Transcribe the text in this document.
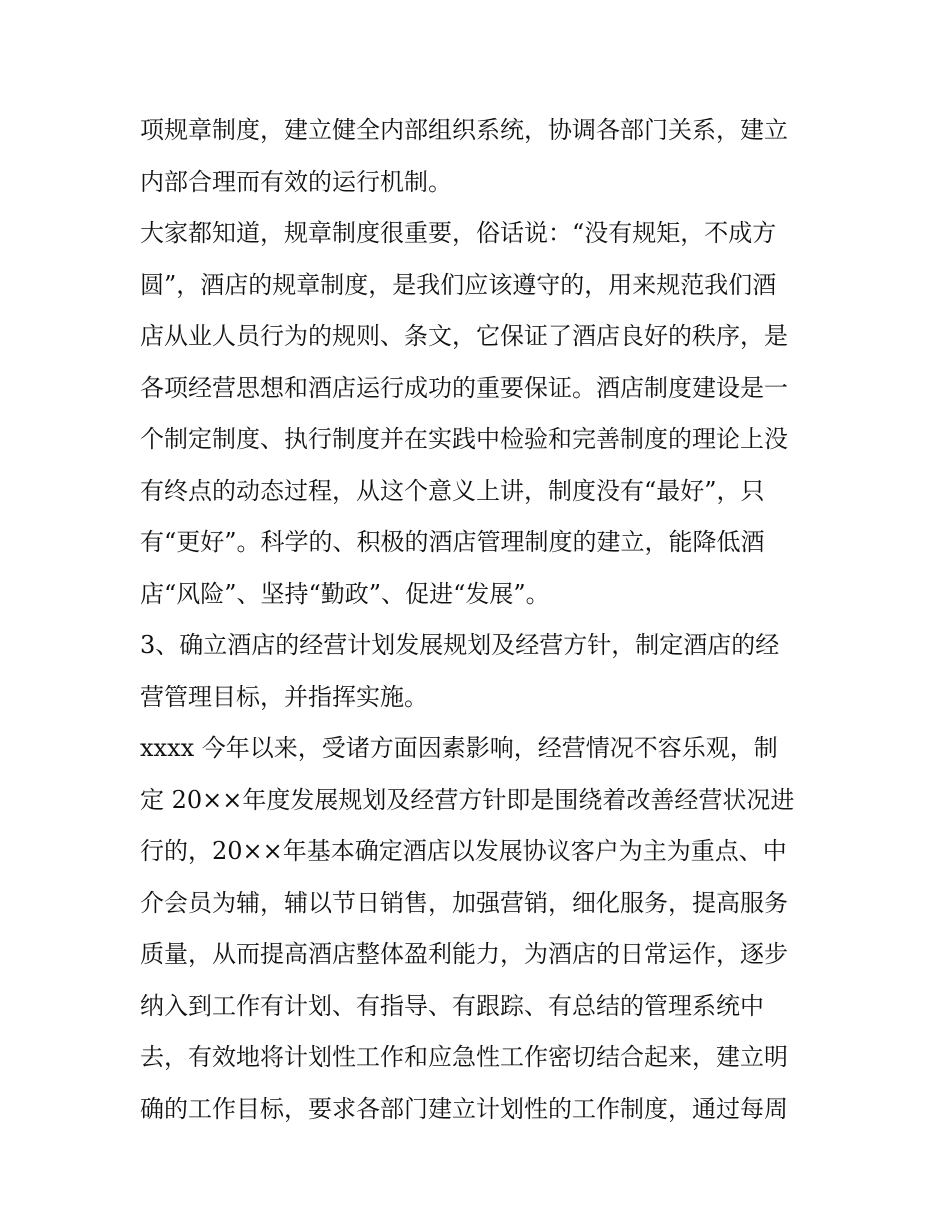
项规章制度，建立健全内部组织系统，协调各部门关系，建立
内部合理而有效的运行机制。
大家都知道，规章制度很重要，俗话说：“没有规矩，不成方
圆”，酒店的规章制度，是我们应该遵守的，用来规范我们酒
店从业人员行为的规则、条文，它保证了酒店良好的秩序，是
各项经营思想和酒店运行成功的重要保证。酒店制度建设是一
个制定制度、执行制度并在实践中检验和完善制度的理论上没
有终点的动态过程，从这个意义上讲，制度没有“最好”，只
有“更好”。科学的、积极的酒店管理制度的建立，能降低酒
店“风险”、坚持“勤政”、促进“发展”。
3、确立酒店的经营计划发展规划及经营方针，制定酒店的经
营管理目标，并指挥实施。
xxxx 今年以来，受诸方面因素影响，经营情况不容乐观，制
定 20××年度发展规划及经营方针即是围绕着改善经营状况进
行的，20××年基本确定酒店以发展协议客户为主为重点、中
介会员为辅，辅以节日销售，加强营销，细化服务，提高服务
质量，从而提高酒店整体盈利能力，为酒店的日常运作，逐步
纳入到工作有计划、有指导、有跟踪、有总结的管理系统中
去，有效地将计划性工作和应急性工作密切结合起来，建立明
确的工作目标，要求各部门建立计划性的工作制度，通过每周
